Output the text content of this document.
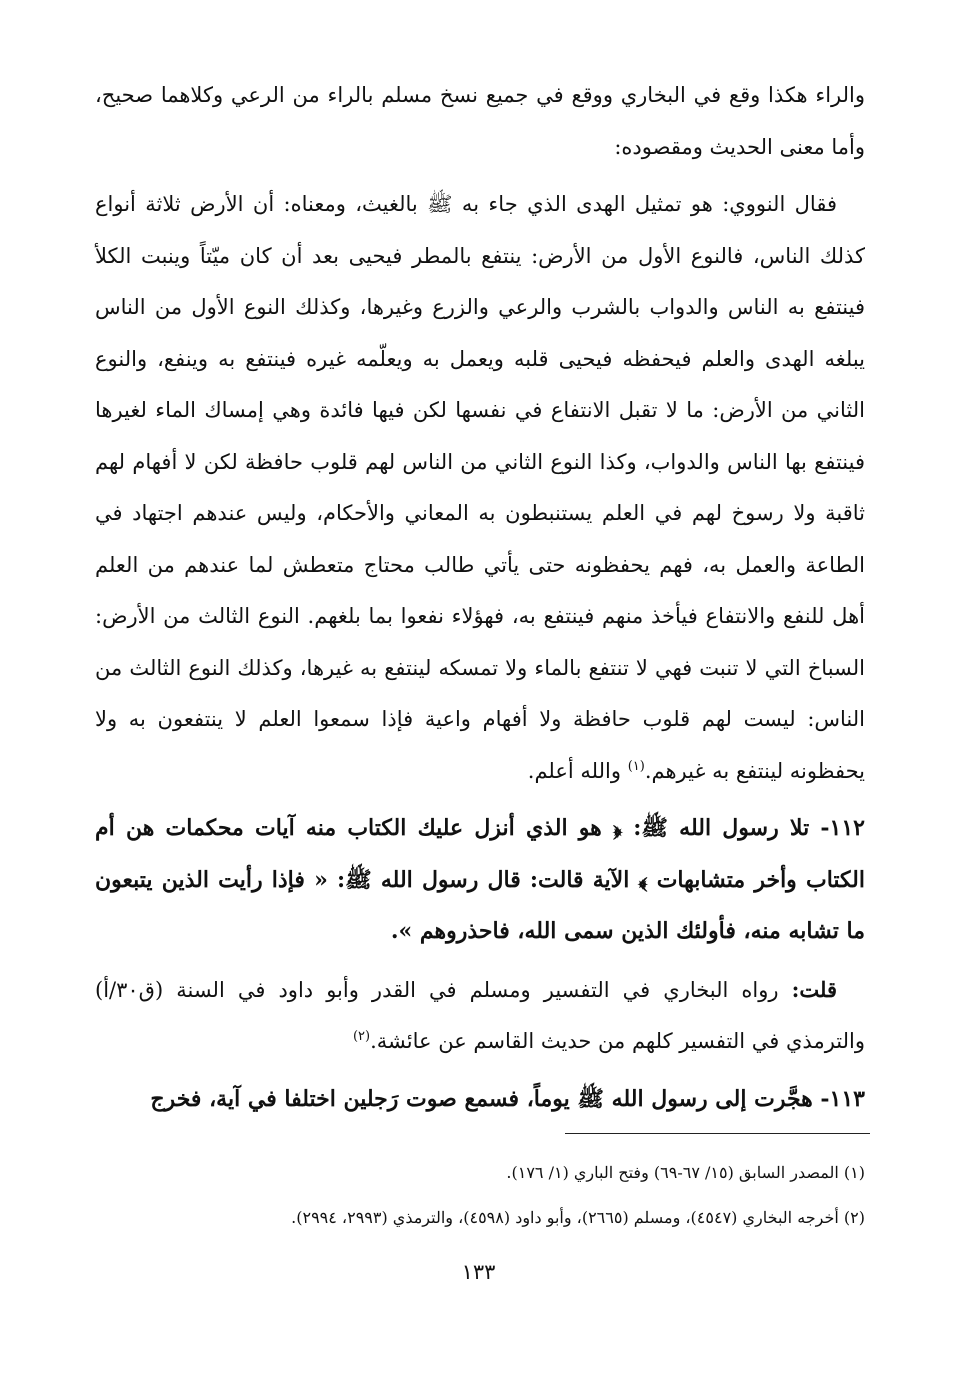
والراء هكذا وقع في البخاري ووقع في جميع نسخ مسلم بالراء من الرعي وكلاهما صحيح، وأما معنى الحديث ومقصوده:

فقال النووي: هو تمثيل الهدى الذي جاء به ﷺ بالغيث، ومعناه: أن الأرض ثلاثة أنواع كذلك الناس، فالنوع الأول من الأرض: ينتفع بالمطر فيحيى بعد أن كان ميّتاً وينبت الكلأ فينتفع به الناس والدواب بالشرب والرعي والزرع وغيرها، وكذلك النوع الأول من الناس يبلغه الهدى والعلم فيحفظه فيحيى قلبه ويعمل به ويعلّمه غيره فينتفع به وينفع، والنوع الثاني من الأرض: ما لا تقبل الانتفاع في نفسها لكن فيها فائدة وهي إمساك الماء لغيرها فينتفع بها الناس والدواب، وكذا النوع الثاني من الناس لهم قلوب حافظة لكن لا أفهام لهم ثاقبة ولا رسوخ لهم في العلم يستنبطون به المعاني والأحكام، وليس عندهم اجتهاد في الطاعة والعمل به، فهم يحفظونه حتى يأتي طالب محتاج متعطش لما عندهم من العلم أهل للنفع والانتفاع فيأخذ منهم فينتفع به، فهؤلاء نفعوا بما بلغهم. النوع الثالث من الأرض: السباخ التي لا تنبت فهي لا تنتفع بالماء ولا تمسكه لينتفع به غيرها، وكذلك النوع الثالث من الناس: ليست لهم قلوب حافظة ولا أفهام واعية فإذا سمعوا العلم لا ينتفعون به ولا يحفظونه لينتفع به غيرهم.$^{(١)}$ والله أعلم.

١١٢- تلا رسول الله ﷺ: ﴿ هو الذي أنزل عليك الكتاب منه آيات محكمات هن أم الكتاب وأخر متشابهات ﴾ الآية قالت: قال رسول الله ﷺ: « فإذا رأيت الذين يتبعون ما تشابه منه، فأولئك الذين سمى الله، فاحذروهم ».

قلت: رواه البخاري في التفسير ومسلم في القدر وأبو داود في السنة (ق٣٠/أ) والترمذي في التفسير كلهم من حديث القاسم عن عائشة.$^{(٢)}$

١١٣- هجَّرت إلى رسول الله ﷺ يوماً، فسمع صوت رَجلين اختلفا في آية، فخرج

(١) المصدر السابق (١٥/ ٦٧-٦٩) وفتح الباري (١/ ١٧٦).

(٢) أخرجه البخاري (٤٥٤٧)، ومسلم (٢٦٦٥)، وأبو داود (٤٥٩٨)، والترمذي (٢٩٩٣، ٢٩٩٤).

١٣٣
